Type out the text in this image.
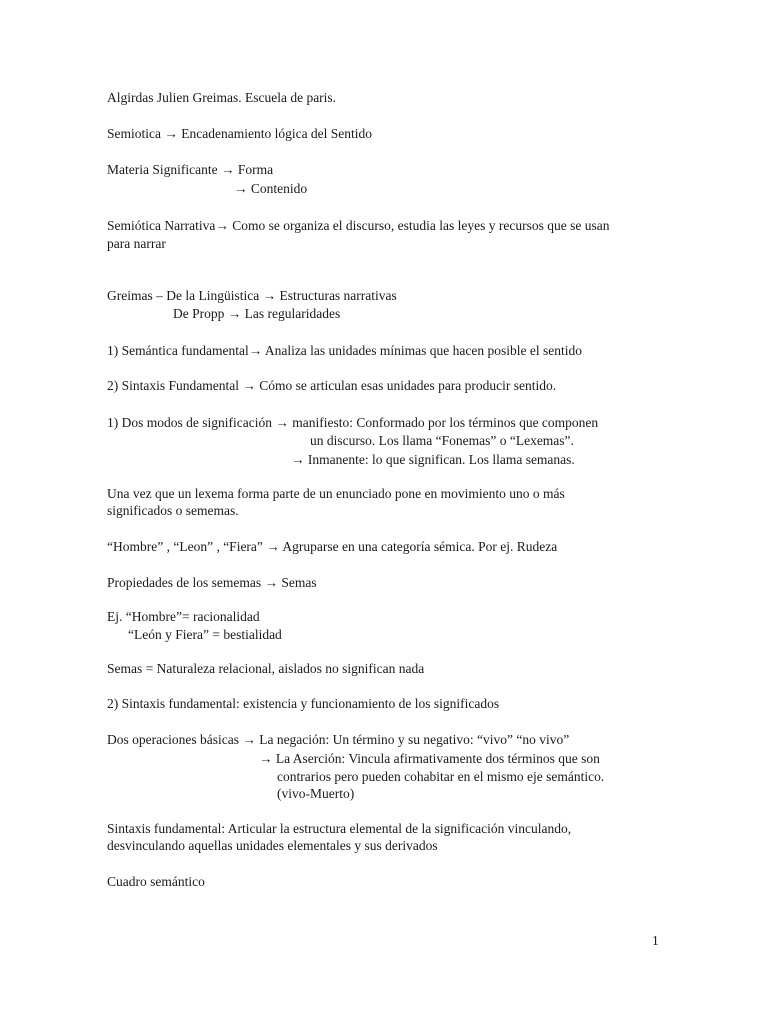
Algirdas Julien Greimas. Escuela de paris.
Semiotica → Encadenamiento lógica del Sentido
Materia Significante → Forma
→ Contenido
Semiótica Narrativa→ Como se organiza el discurso, estudia las leyes y recursos que se usan
para narrar
Greimas – De la Lingüistica → Estructuras narrativas
De Propp → Las regularidades
1) Semántica fundamental→ Analiza las unidades mínimas que hacen posible el sentido
2) Sintaxis Fundamental → Cómo se articulan esas unidades para producir sentido.
1) Dos modos de significación → manifiesto: Conformado por los términos que componen
un discurso. Los llama “Fonemas” o “Lexemas”.
→ Inmanente: lo que significan. Los llama semanas.
Una vez que un lexema forma parte de un enunciado pone en movimiento uno o más
significados o sememas.
“Hombre” , “Leon” , “Fiera” → Agruparse en una categoría sémica. Por ej. Rudeza
Propiedades de los sememas → Semas
Ej. “Hombre”= racionalidad
“León y Fiera” = bestialidad
Semas = Naturaleza relacional, aislados no significan nada
2) Sintaxis fundamental: existencia y funcionamiento de los significados
Dos operaciones básicas → La negación: Un término y su negativo: “vivo” “no vivo”
→ La Aserción: Vincula afirmativamente dos términos que son
contrarios pero pueden cohabitar en el mismo eje semántico.
(vivo-Muerto)
Sintaxis fundamental: Articular la estructura elemental de la significación vinculando,
desvinculando aquellas unidades elementales y sus derivados
Cuadro semántico
1
